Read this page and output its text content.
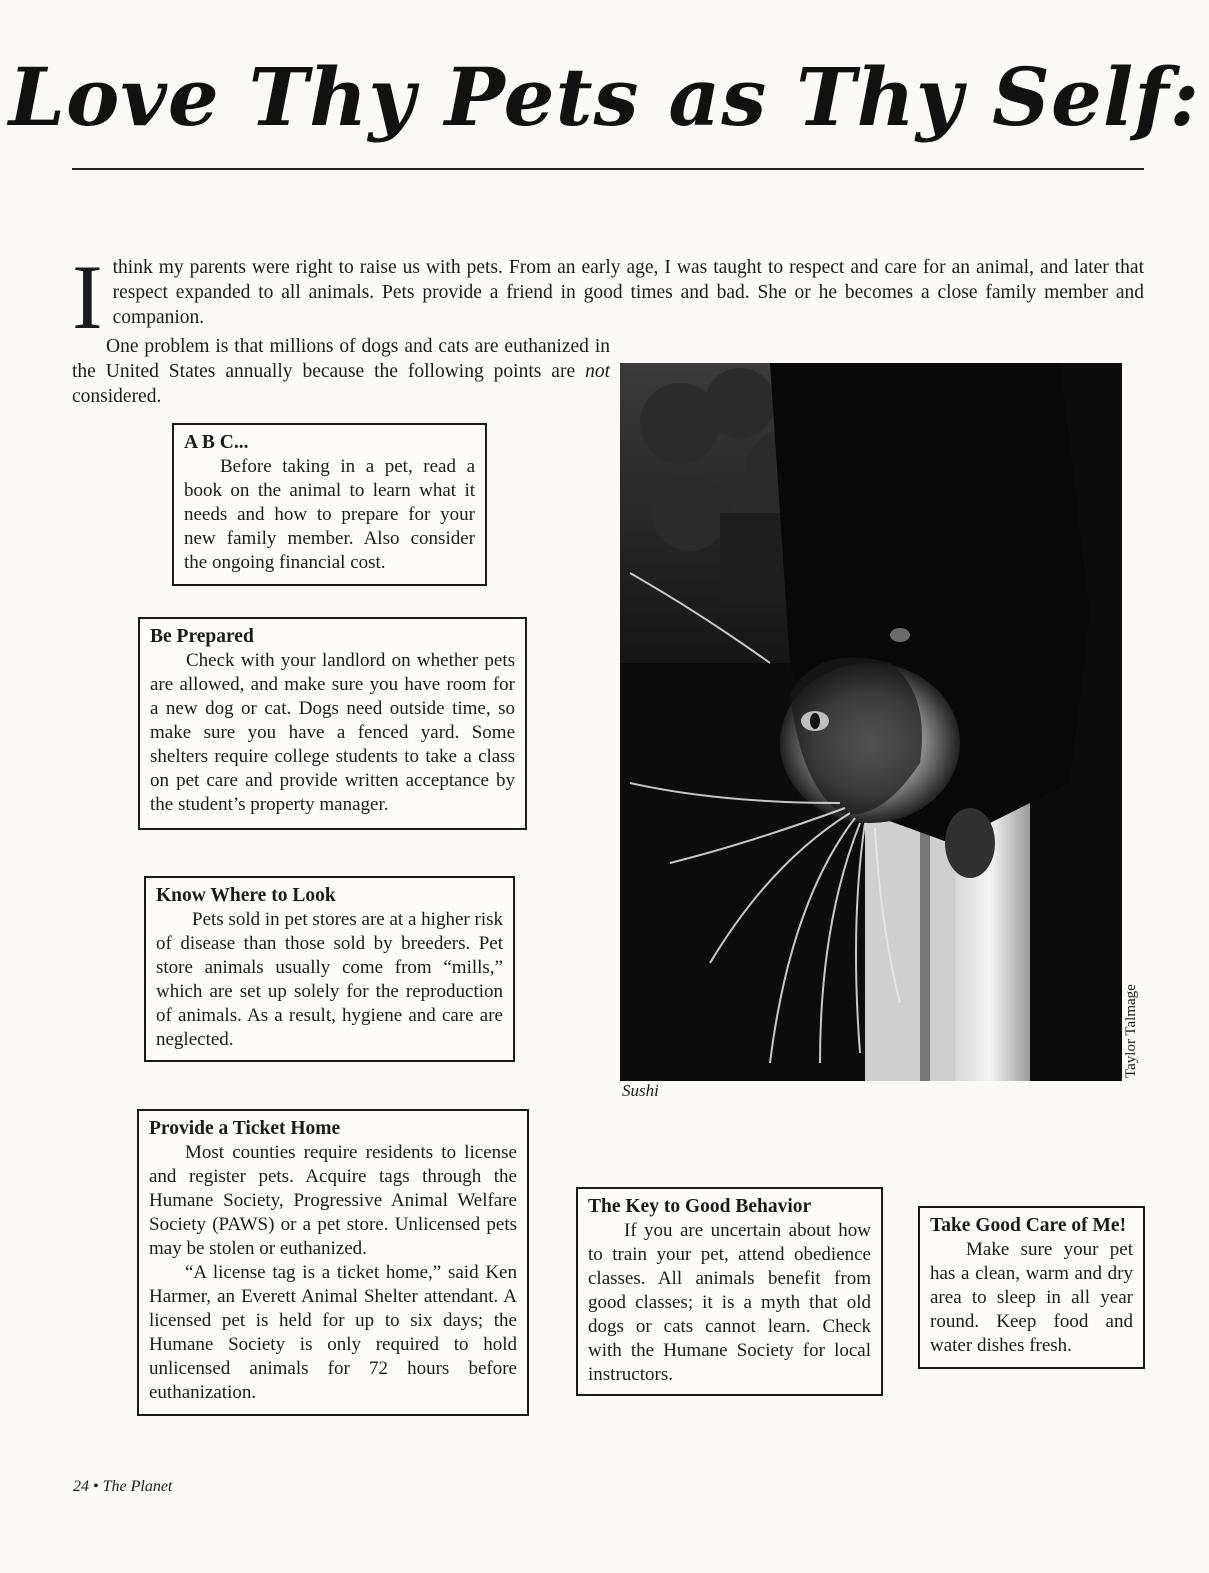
Love Thy Pets as Thy Self:

Ithink my parents were right to raise us with pets. From an early age, I was taught to respect and care for an animal, and later that respect expanded to all animals. Pets provide a friend in good times and bad. She or he becomes a close family member and companion.

One problem is that millions of dogs and cats are euthanized in the United States annually because the following points are not considered.

A B C...

Before taking in a pet, read a book on the animal to learn what it needs and how to prepare for your new family member. Also consider the ongoing financial cost.

Be Prepared

Check with your landlord on whether pets are allowed, and make sure you have room for a new dog or cat. Dogs need outside time, so make sure you have a fenced yard. Some shelters require college students to take a class on pet care and provide written acceptance by the student’s property manager.

Know Where to Look

Pets sold in pet stores are at a higher risk of disease than those sold by breeders. Pet store animals usually come from “mills,” which are set up solely for the reproduction of animals. As a result, hygiene and care are neglected.

Provide a Ticket Home

Most counties require residents to license and register pets. Acquire tags through the Humane Society, Progressive Animal Welfare Society (PAWS) or a pet store. Unlicensed pets may be stolen or euthanized.

“A license tag is a ticket home,” said Ken Harmer, an Everett Animal Shelter attendant. A licensed pet is held for up to six days; the Humane Society is only required to hold unlicensed animals for 72 hours before euthanization.

Sushi
Taylor Talmage
The Key to Good Behavior

If you are uncertain about how to train your pet, attend obedience classes. All animals benefit from good classes; it is a myth that old dogs or cats cannot learn. Check with the Humane Society for local instructors.

Take Good Care of Me!

Make sure your pet has a clean, warm and dry area to sleep in all year round. Keep food and water dishes fresh.

24 • The Planet
